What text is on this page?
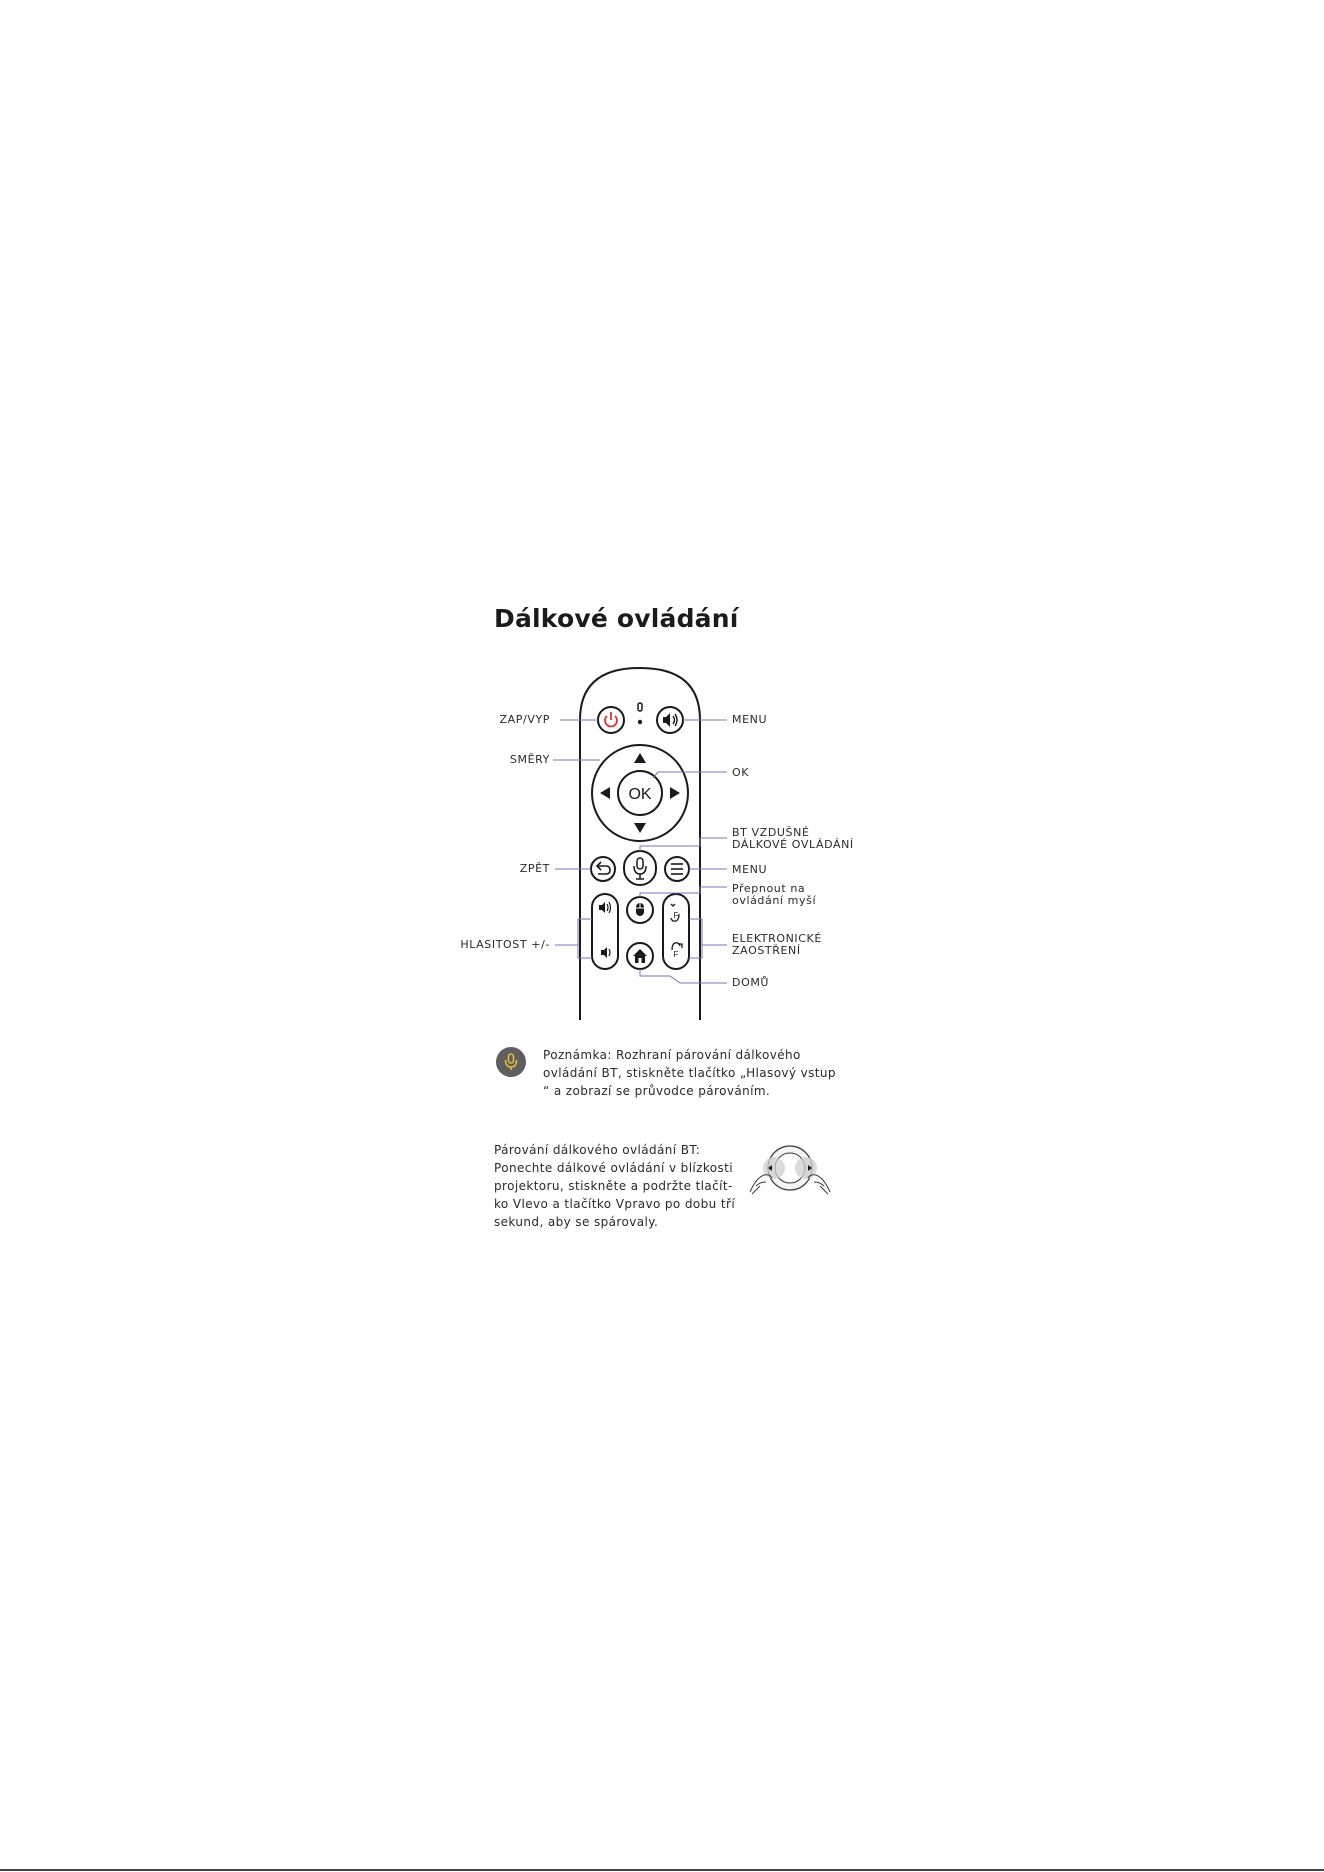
Dálkové ovládání
OK
F
F
ZAP/VYP	MENU
SMĚRY
OK
BT VZDUŠNÉ
DÁLKOVÉ OVLÁDÁNÍ
ZPĚT	MENU
Přepnout na
ovládání myší
HLASITOST +/-	ELEKTRONICKÉ
ZAOSTŘENÍ
DOMŮ
Poznámka: Rozhraní párování dálkového
ovládání BT, stiskněte tlačítko „Hlasový vstup
“ a zobrazí se průvodce párováním.
Párování dálkového ovládání BT:
Ponechte dálkové ovládání v blízkosti
projektoru, stiskněte a podržte tlačít-
ko Vlevo a tlačítko Vpravo po dobu tří
sekund, aby se spárovaly.
